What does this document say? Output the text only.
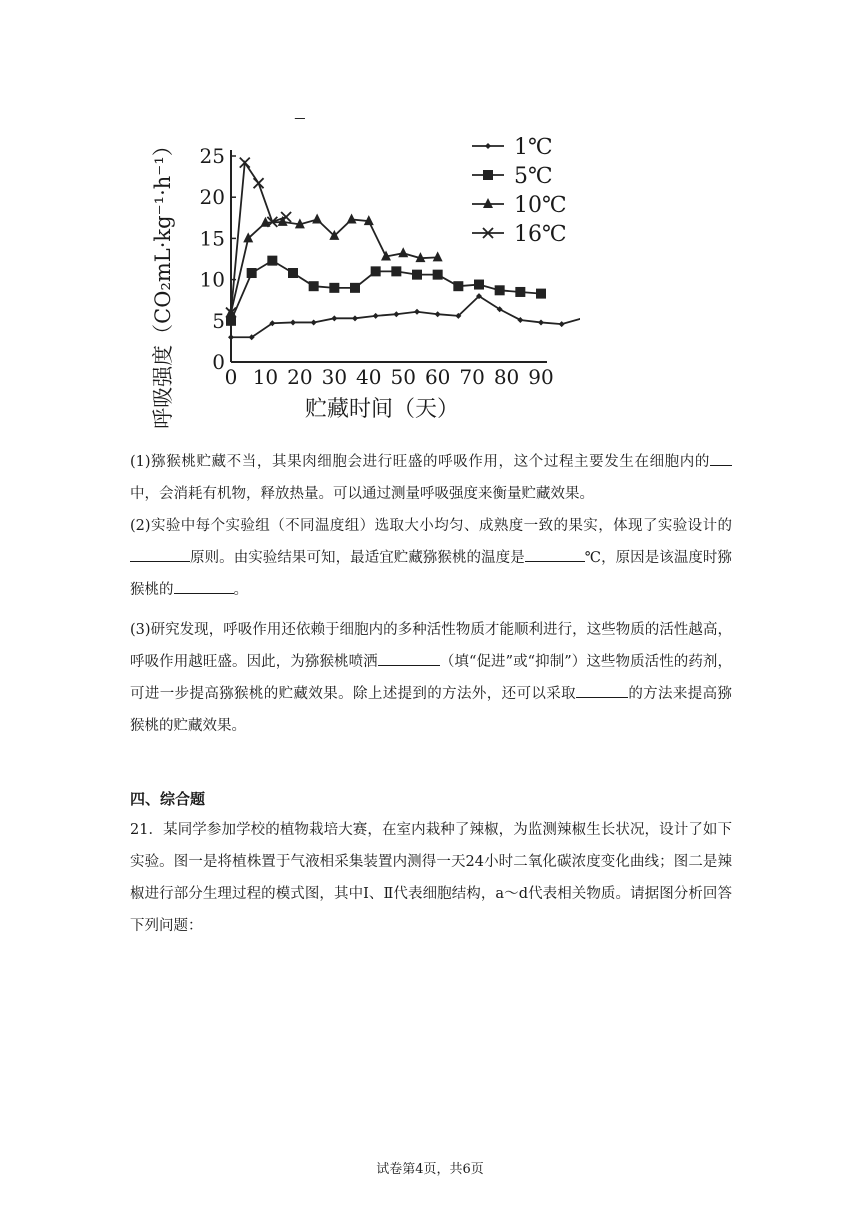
0 10 20 30 40 50 60 70 80 90
0
5
10
15
20
25	1℃
5℃
10℃
16℃
呼吸强度（CO₂mL·kg⁻¹·h⁻¹）	贮藏时间（天）
(1)猕猴桃贮藏不当，其果肉细胞会进行旺盛的呼吸作用，这个过程主要发生在细胞内的中，会消耗有机物，释放热量。可以通过测量呼吸强度来衡量贮藏效果。
(2)实验中每个实验组（不同温度组）选取大小均匀、成熟度一致的果实，体现了实验设计的原则。由实验结果可知，最适宜贮藏猕猴桃的温度是	℃，原因是该温度时猕猴桃的	。
(3)研究发现，呼吸作用还依赖于细胞内的多种活性物质才能顺利进行，这些物质的活性越高，呼吸作用越旺盛。因此，为猕猴桃喷洒	（填“促进”或“抑制”）这些物质活性的药剂，可进一步提高猕猴桃的贮藏效果。除上述提到的方法外，还可以采取	的方法来提高猕猴桃的贮藏效果。
四、综合题
21．某同学参加学校的植物栽培大赛，在室内栽种了辣椒，为监测辣椒生长状况，设计了如下实验。图一是将植株置于气液相采集装置内测得一天24小时二氧化碳浓度变化曲线；图二是辣椒进行部分生理过程的模式图，其中Ⅰ、Ⅱ代表细胞结构，a～d代表相关物质。请据图分析回答下列问题：
试卷第4页，共6页
